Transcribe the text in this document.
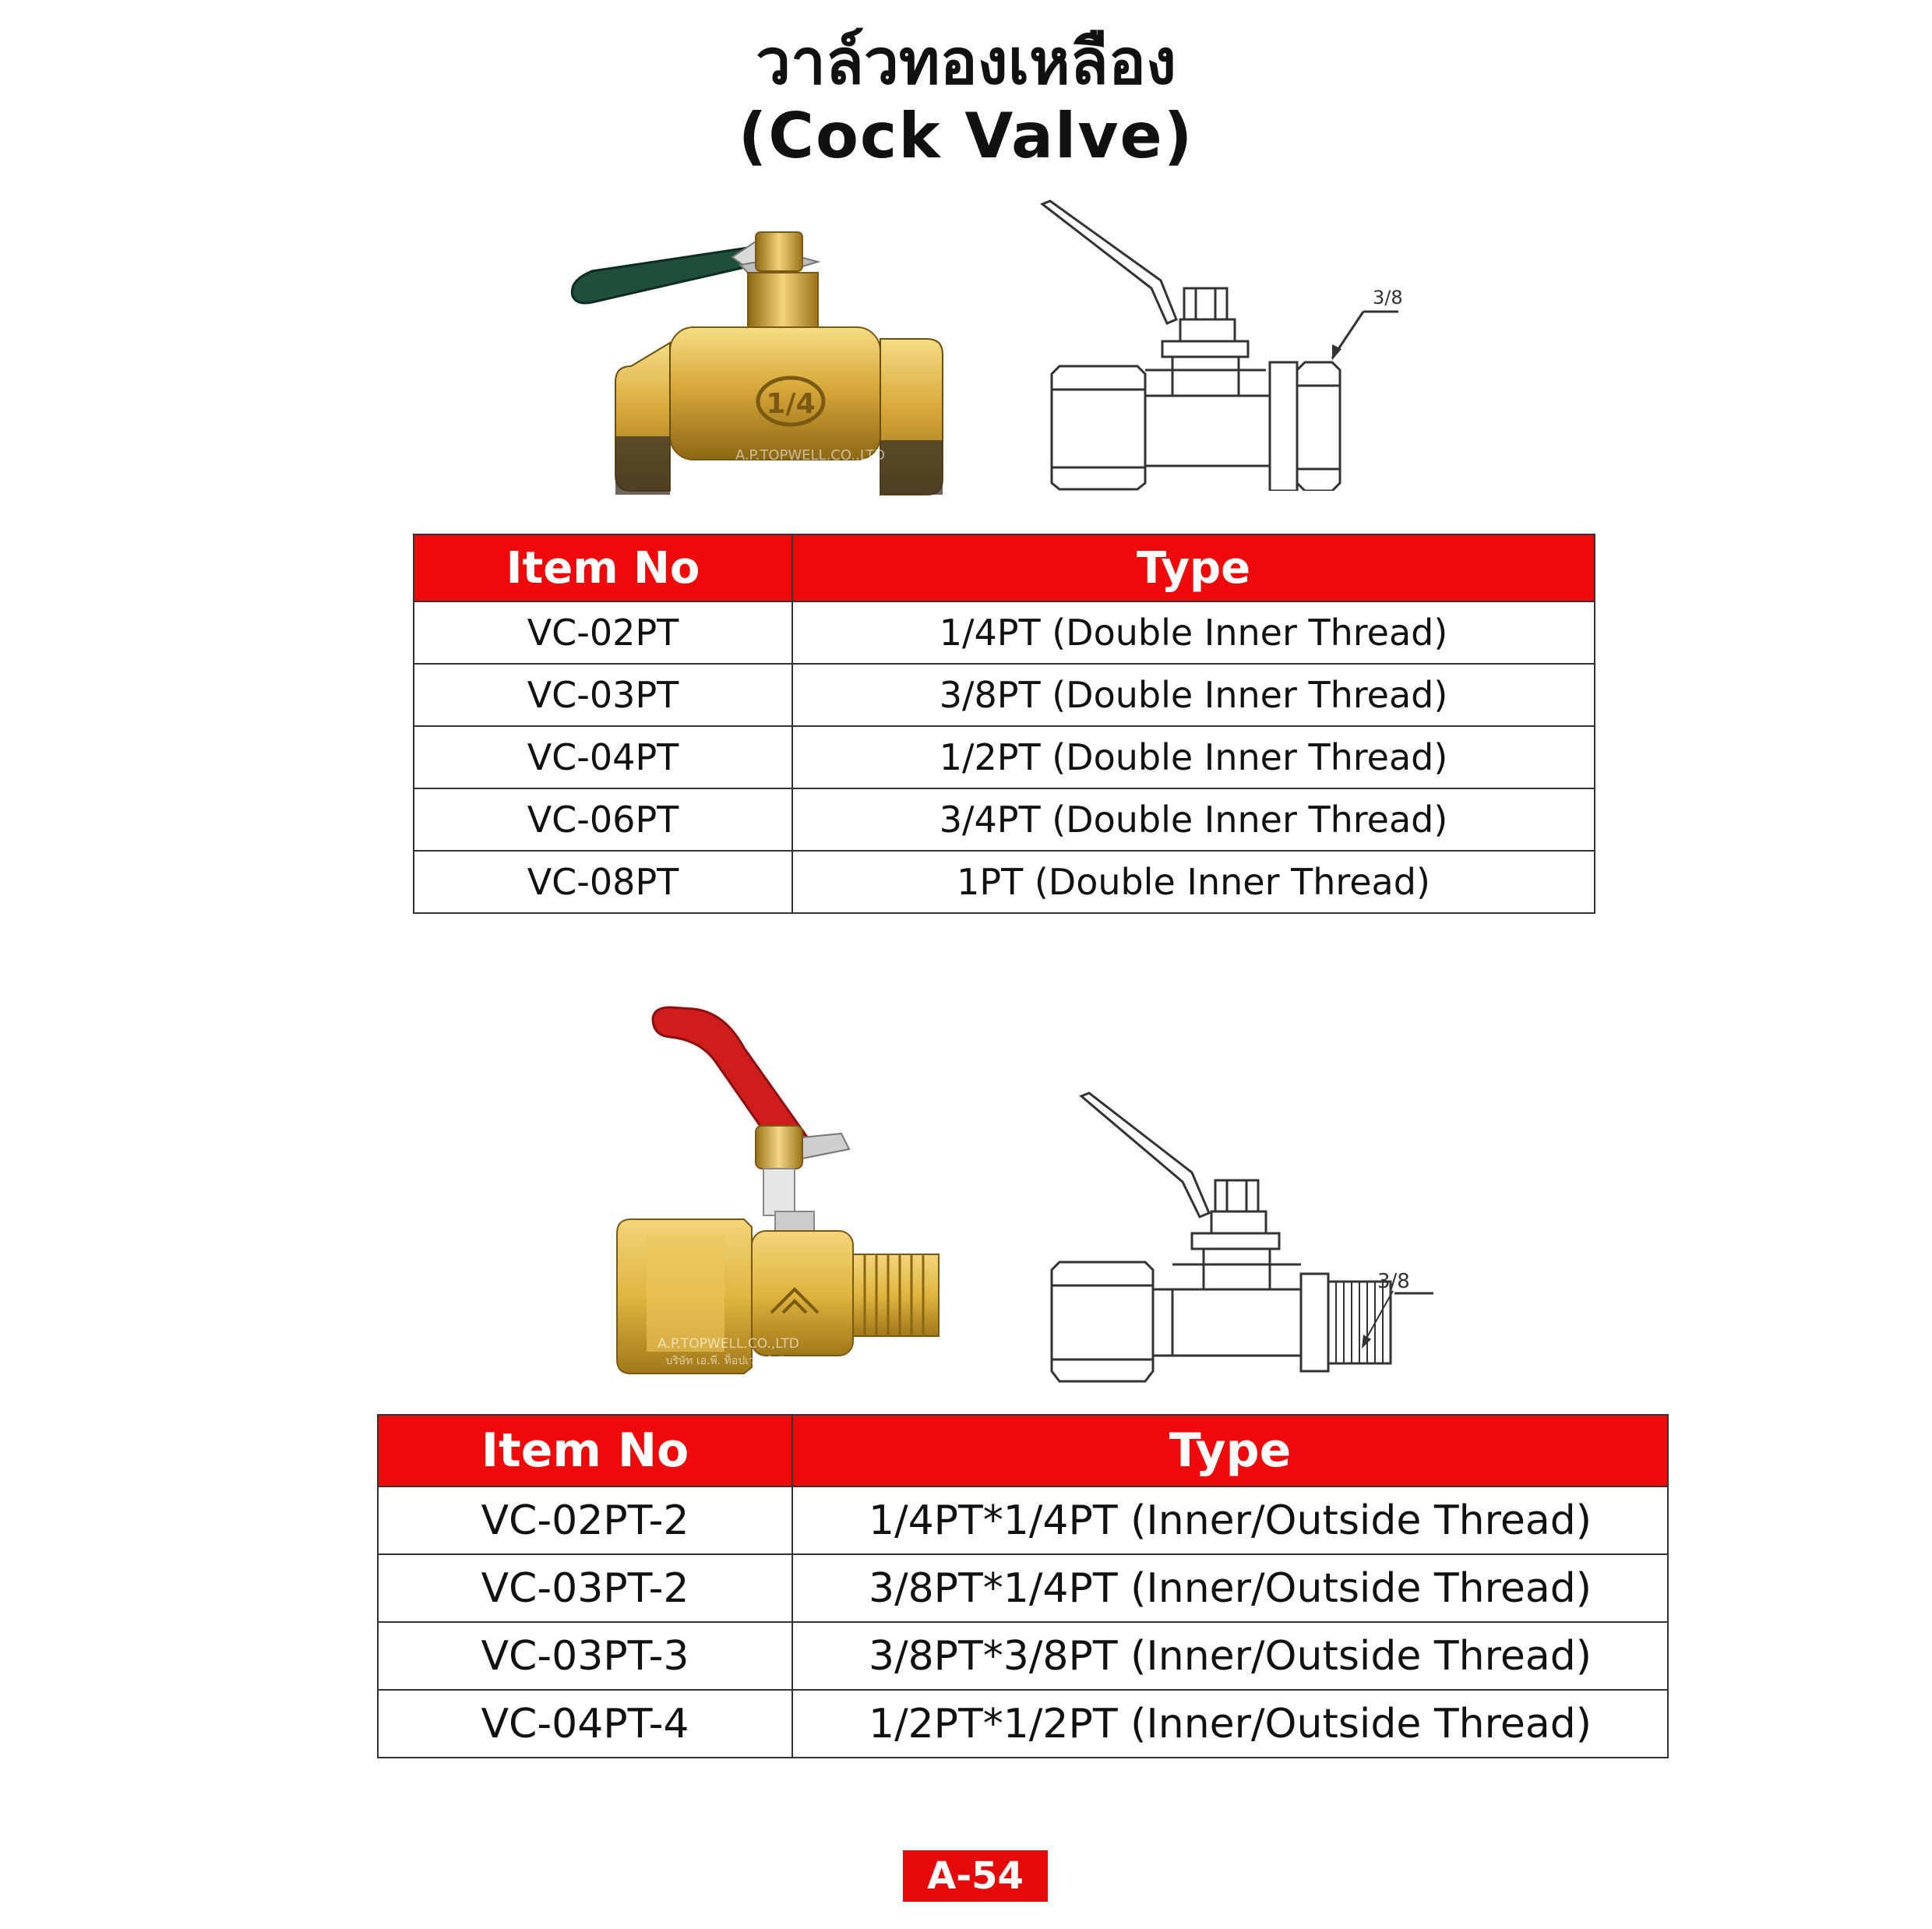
วาล์วทองเหลือง
(Cock Valve)
1/4
A.P.TOPWELL.CO.,LTD
บริษัท เอ.พี. ท็อปเวล จำกัด
3/8
Item No	Type
VC-02PT	1/4PT (Double Inner Thread)
VC-03PT	3/8PT (Double Inner Thread)
VC-04PT	1/2PT (Double Inner Thread)
VC-06PT	3/4PT (Double Inner Thread)
VC-08PT	1PT (Double Inner Thread)
A.P.TOPWELL.CO.,LTD
บริษัท เอ.พี. ท็อปเวล จำกัด
3/8
Item No	Type
VC-02PT-2	1/4PT*1/4PT (Inner/Outside Thread)
VC-03PT-2	3/8PT*1/4PT (Inner/Outside Thread)
VC-03PT-3	3/8PT*3/8PT (Inner/Outside Thread)
VC-04PT-4	1/2PT*1/2PT (Inner/Outside Thread)
A-54
